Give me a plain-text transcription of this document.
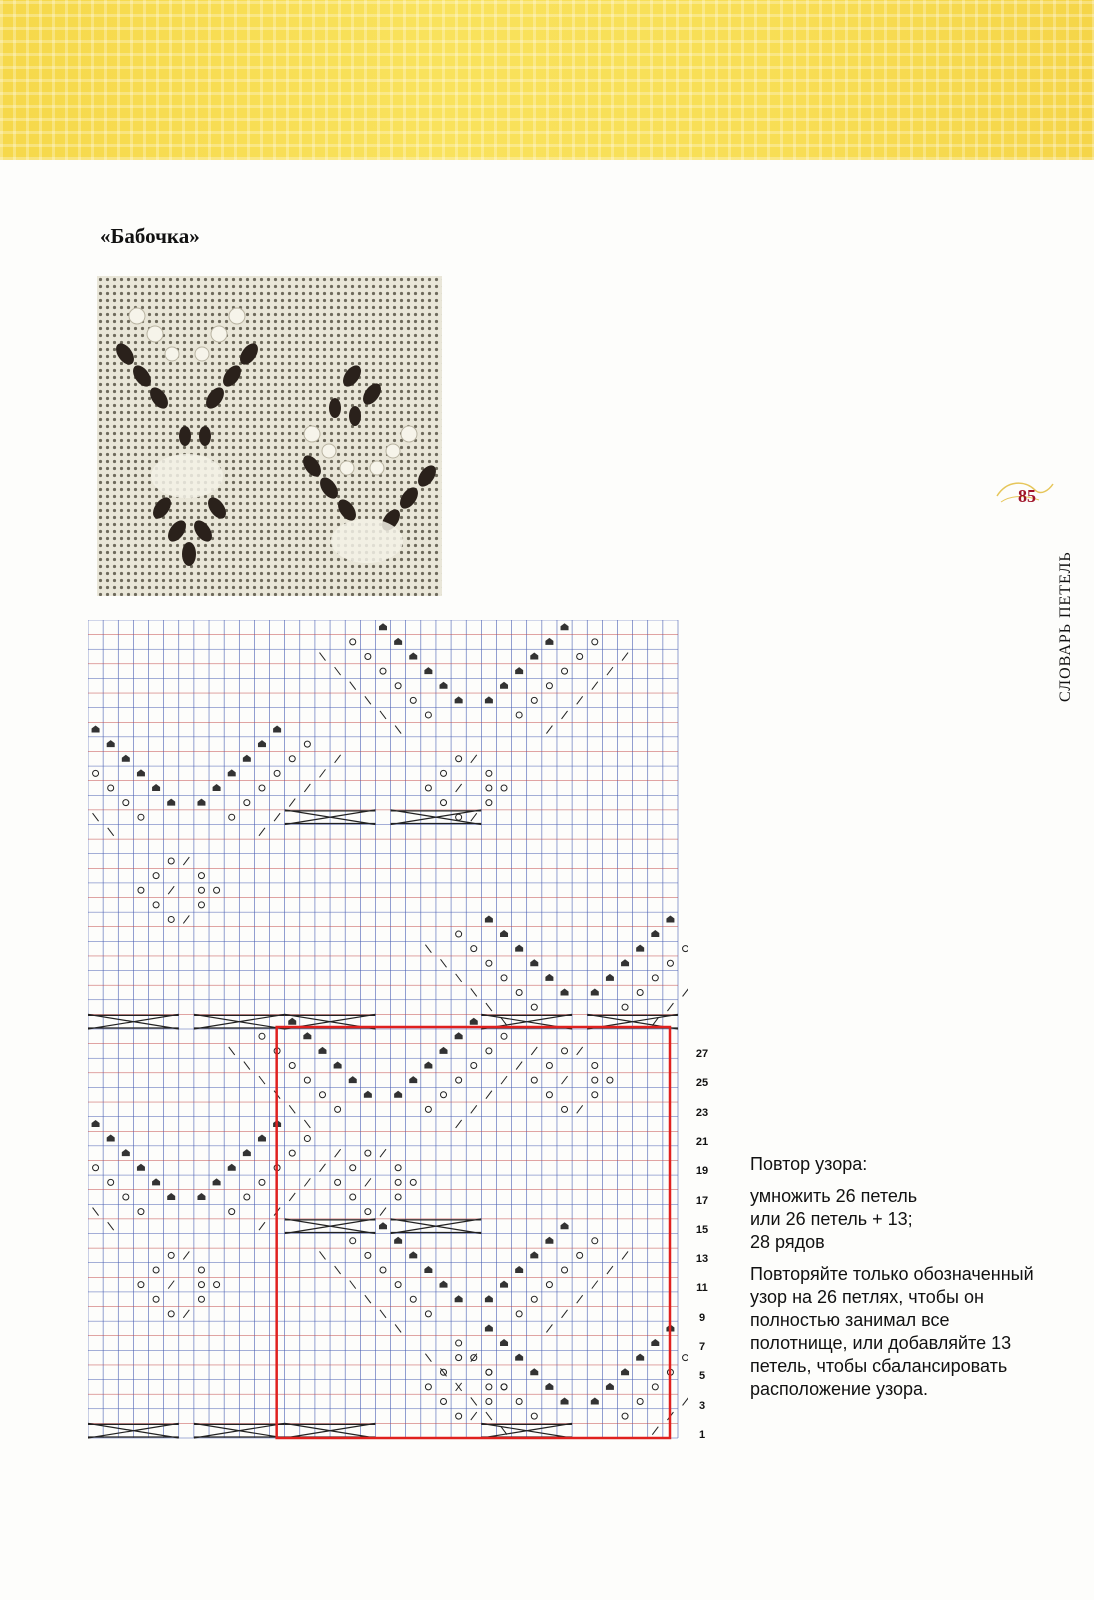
«Бабочка»
85
СЛОВАРЬ ПЕТЕЛЬ
27
25
23
21
19
17
15
13
11
9
7
5
3
1

Повтор узора:

умножить 26 петель
или 26 петель + 13;

28 рядов

Повторяйте только обозначенный узор на 26 петлях, чтобы он полностью занимал все полотнище, или добавляйте 13 петель, чтобы сбалансировать расположение узора.
